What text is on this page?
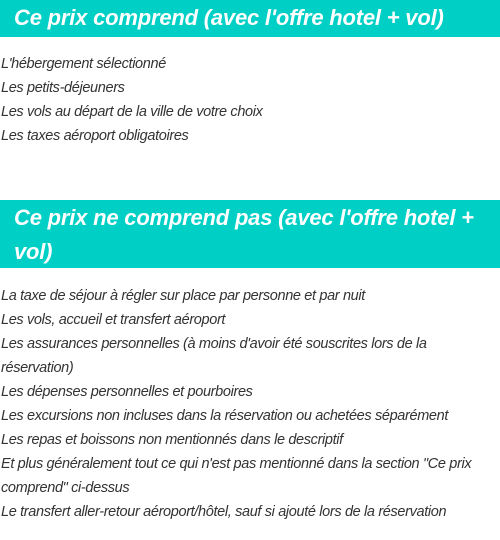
Ce prix comprend (avec l'offre hotel + vol)
L'hébergement sélectionné
Les petits-déjeuners
Les vols au départ de la ville de votre choix
Les taxes aéroport obligatoires
Ce prix ne comprend pas (avec l'offre hotel + vol)
La taxe de séjour à régler sur place par personne et par nuit
Les vols, accueil et transfert aéroport
Les assurances personnelles (à moins d'avoir été souscrites lors de la réservation)
Les dépenses personnelles et pourboires
Les excursions non incluses dans la réservation ou achetées séparément
Les repas et boissons non mentionnés dans le descriptif
Et plus généralement tout ce qui n'est pas mentionné dans la section "Ce prix comprend" ci-dessus
Le transfert aller-retour aéroport/hôtel, sauf si ajouté lors de la réservation
